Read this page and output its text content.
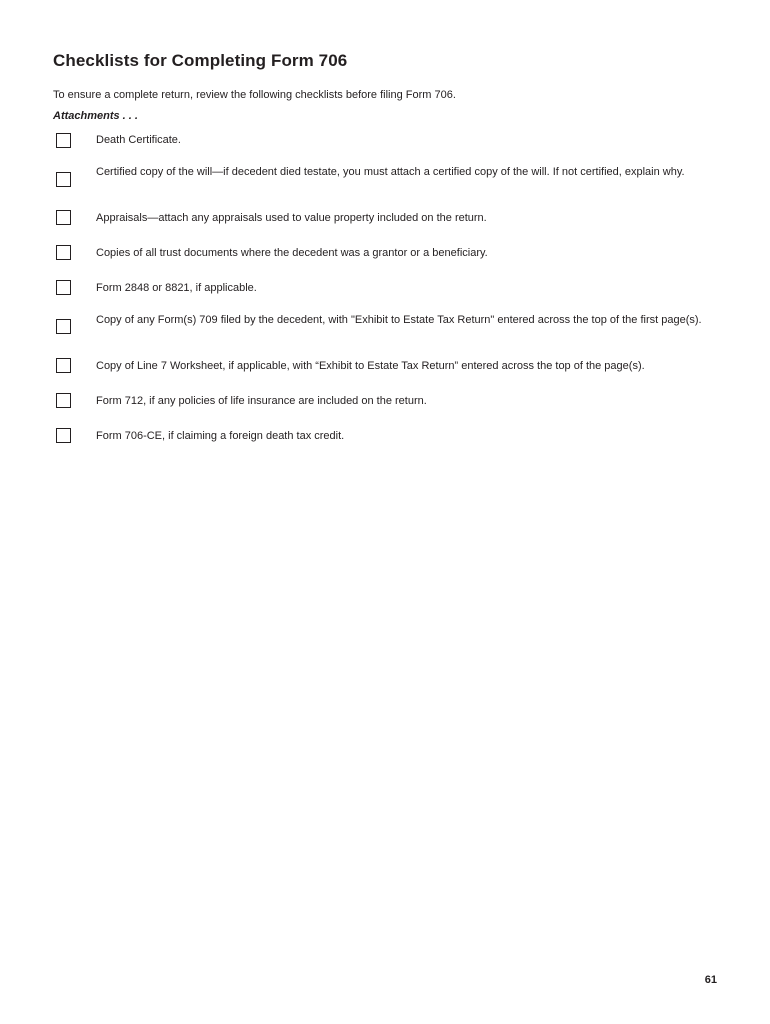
Checklists for Completing Form 706

To ensure a complete return, review the following checklists before filing Form 706.

Attachments . . .

Death Certificate.

Certified copy of the will—if decedent died testate, you must attach a certified copy of the will. If not certified, explain why.

Appraisals—attach any appraisals used to value property included on the return.

Copies of all trust documents where the decedent was a grantor or a beneficiary.

Form 2848 or 8821, if applicable.

Copy of any Form(s) 709 filed by the decedent, with "Exhibit to Estate Tax Return" entered across the top of the first page(s).

Copy of Line 7 Worksheet, if applicable, with “Exhibit to Estate Tax Return” entered across the top of the page(s).

Form 712, if any policies of life insurance are included on the return.

Form 706-CE, if claiming a foreign death tax credit.

61
